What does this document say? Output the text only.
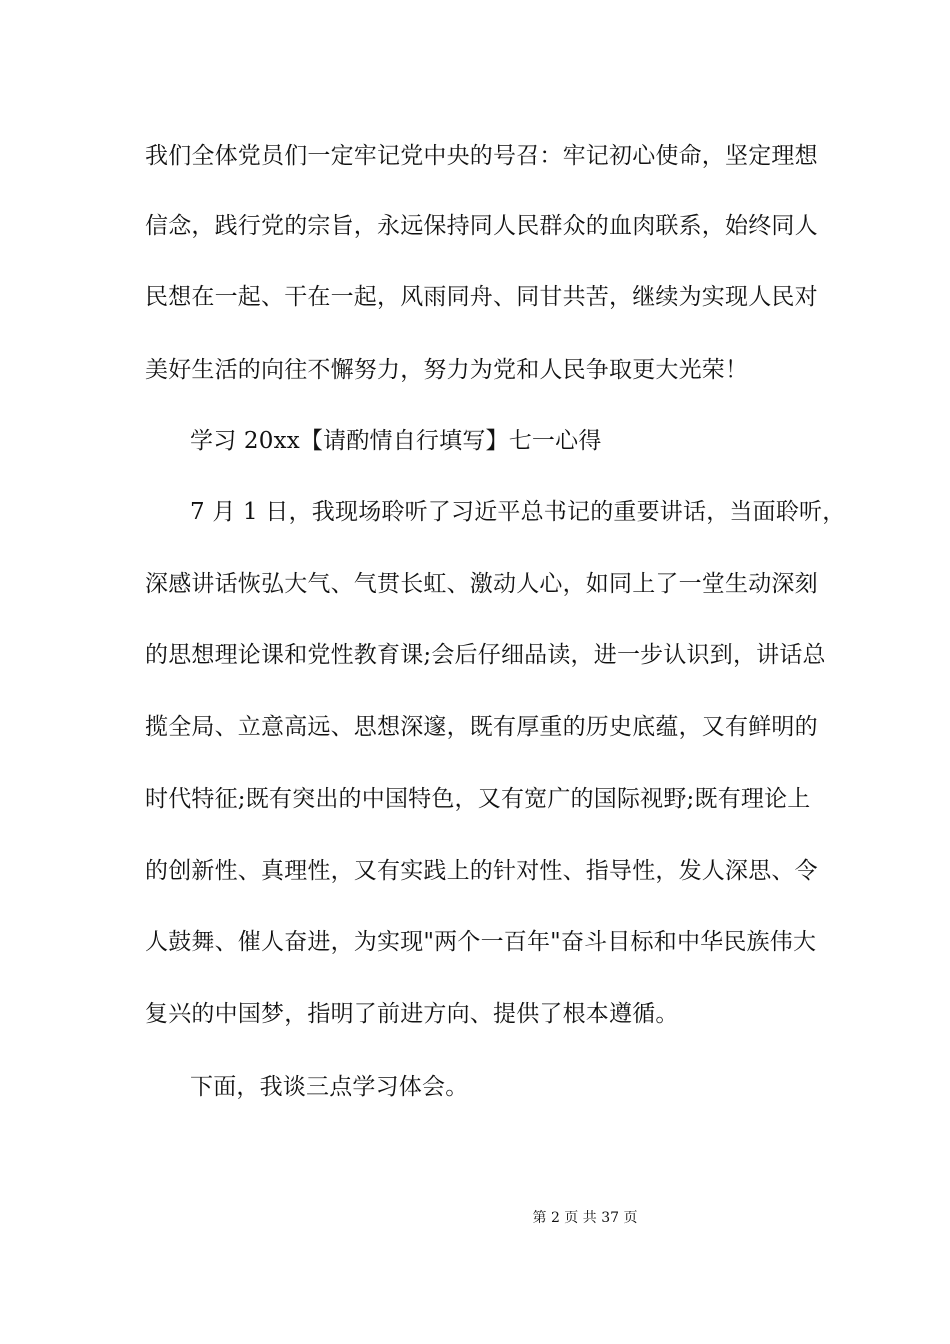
我们全体党员们一定牢记党中央的号召：牢记初心使命，坚定理想
信念，践行党的宗旨，永远保持同人民群众的血肉联系，始终同人
民想在一起、干在一起，风雨同舟、同甘共苦，继续为实现人民对
美好生活的向往不懈努力，努力为党和人民争取更大光荣！
学习 20xx【请酌情自行填写】七一心得
7 月 1 日，我现场聆听了习近平总书记的重要讲话，当面聆听，
深感讲话恢弘大气、气贯长虹、激动人心，如同上了一堂生动深刻
的思想理论课和党性教育课;会后仔细品读，进一步认识到，讲话总
揽全局、立意高远、思想深邃，既有厚重的历史底蕴，又有鲜明的
时代特征;既有突出的中国特色，又有宽广的国际视野;既有理论上
的创新性、真理性，又有实践上的针对性、指导性，发人深思、令
人鼓舞、催人奋进，为实现"两个一百年"奋斗目标和中华民族伟大
复兴的中国梦，指明了前进方向、提供了根本遵循。
下面，我谈三点学习体会。
第 2 页 共 37 页
